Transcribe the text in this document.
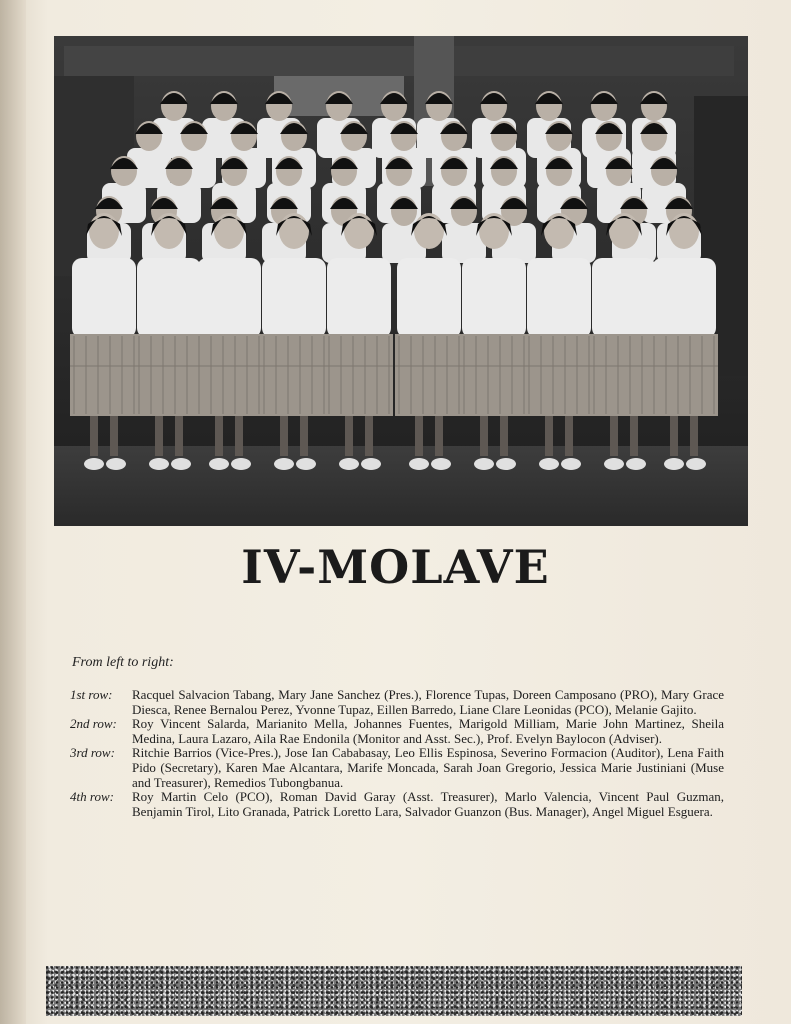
IV-MOLAVE
From left to right:
1st row:	Racquel Salvacion Tabang, Mary Jane Sanchez (Pres.), Florence Tupas, Doreen Camposano (PRO), Mary Grace Diesca, Renee Bernalou Perez, Yvonne Tupaz, Eillen Barredo, Liane Clare Leonidas (PCO), Melanie Gajito.
2nd row:	Roy Vincent Salarda, Marianito Mella, Johannes Fuentes, Marigold Milliam, Marie John Martinez, Sheila Medina, Laura Lazaro, Aila Rae Endonila (Monitor and Asst. Sec.), Prof. Evelyn Baylocon (Adviser).
3rd row:	Ritchie Barrios (Vice-Pres.), Jose Ian Cababasay, Leo Ellis Espinosa, Severino Formacion (Auditor), Lena Faith Pido (Secretary), Karen Mae Alcantara, Marife Moncada, Sarah Joan Gregorio, Jessica Marie Justiniani (Muse and Treasurer), Remedios Tubongbanua.
4th row:	Roy Martin Celo (PCO), Roman David Garay (Asst. Treasurer), Marlo Valencia, Vincent Paul Guzman, Benjamin Tirol, Lito Granada, Patrick Loretto Lara, Salvador Guanzon (Bus. Manager), Angel Miguel Esguera.
